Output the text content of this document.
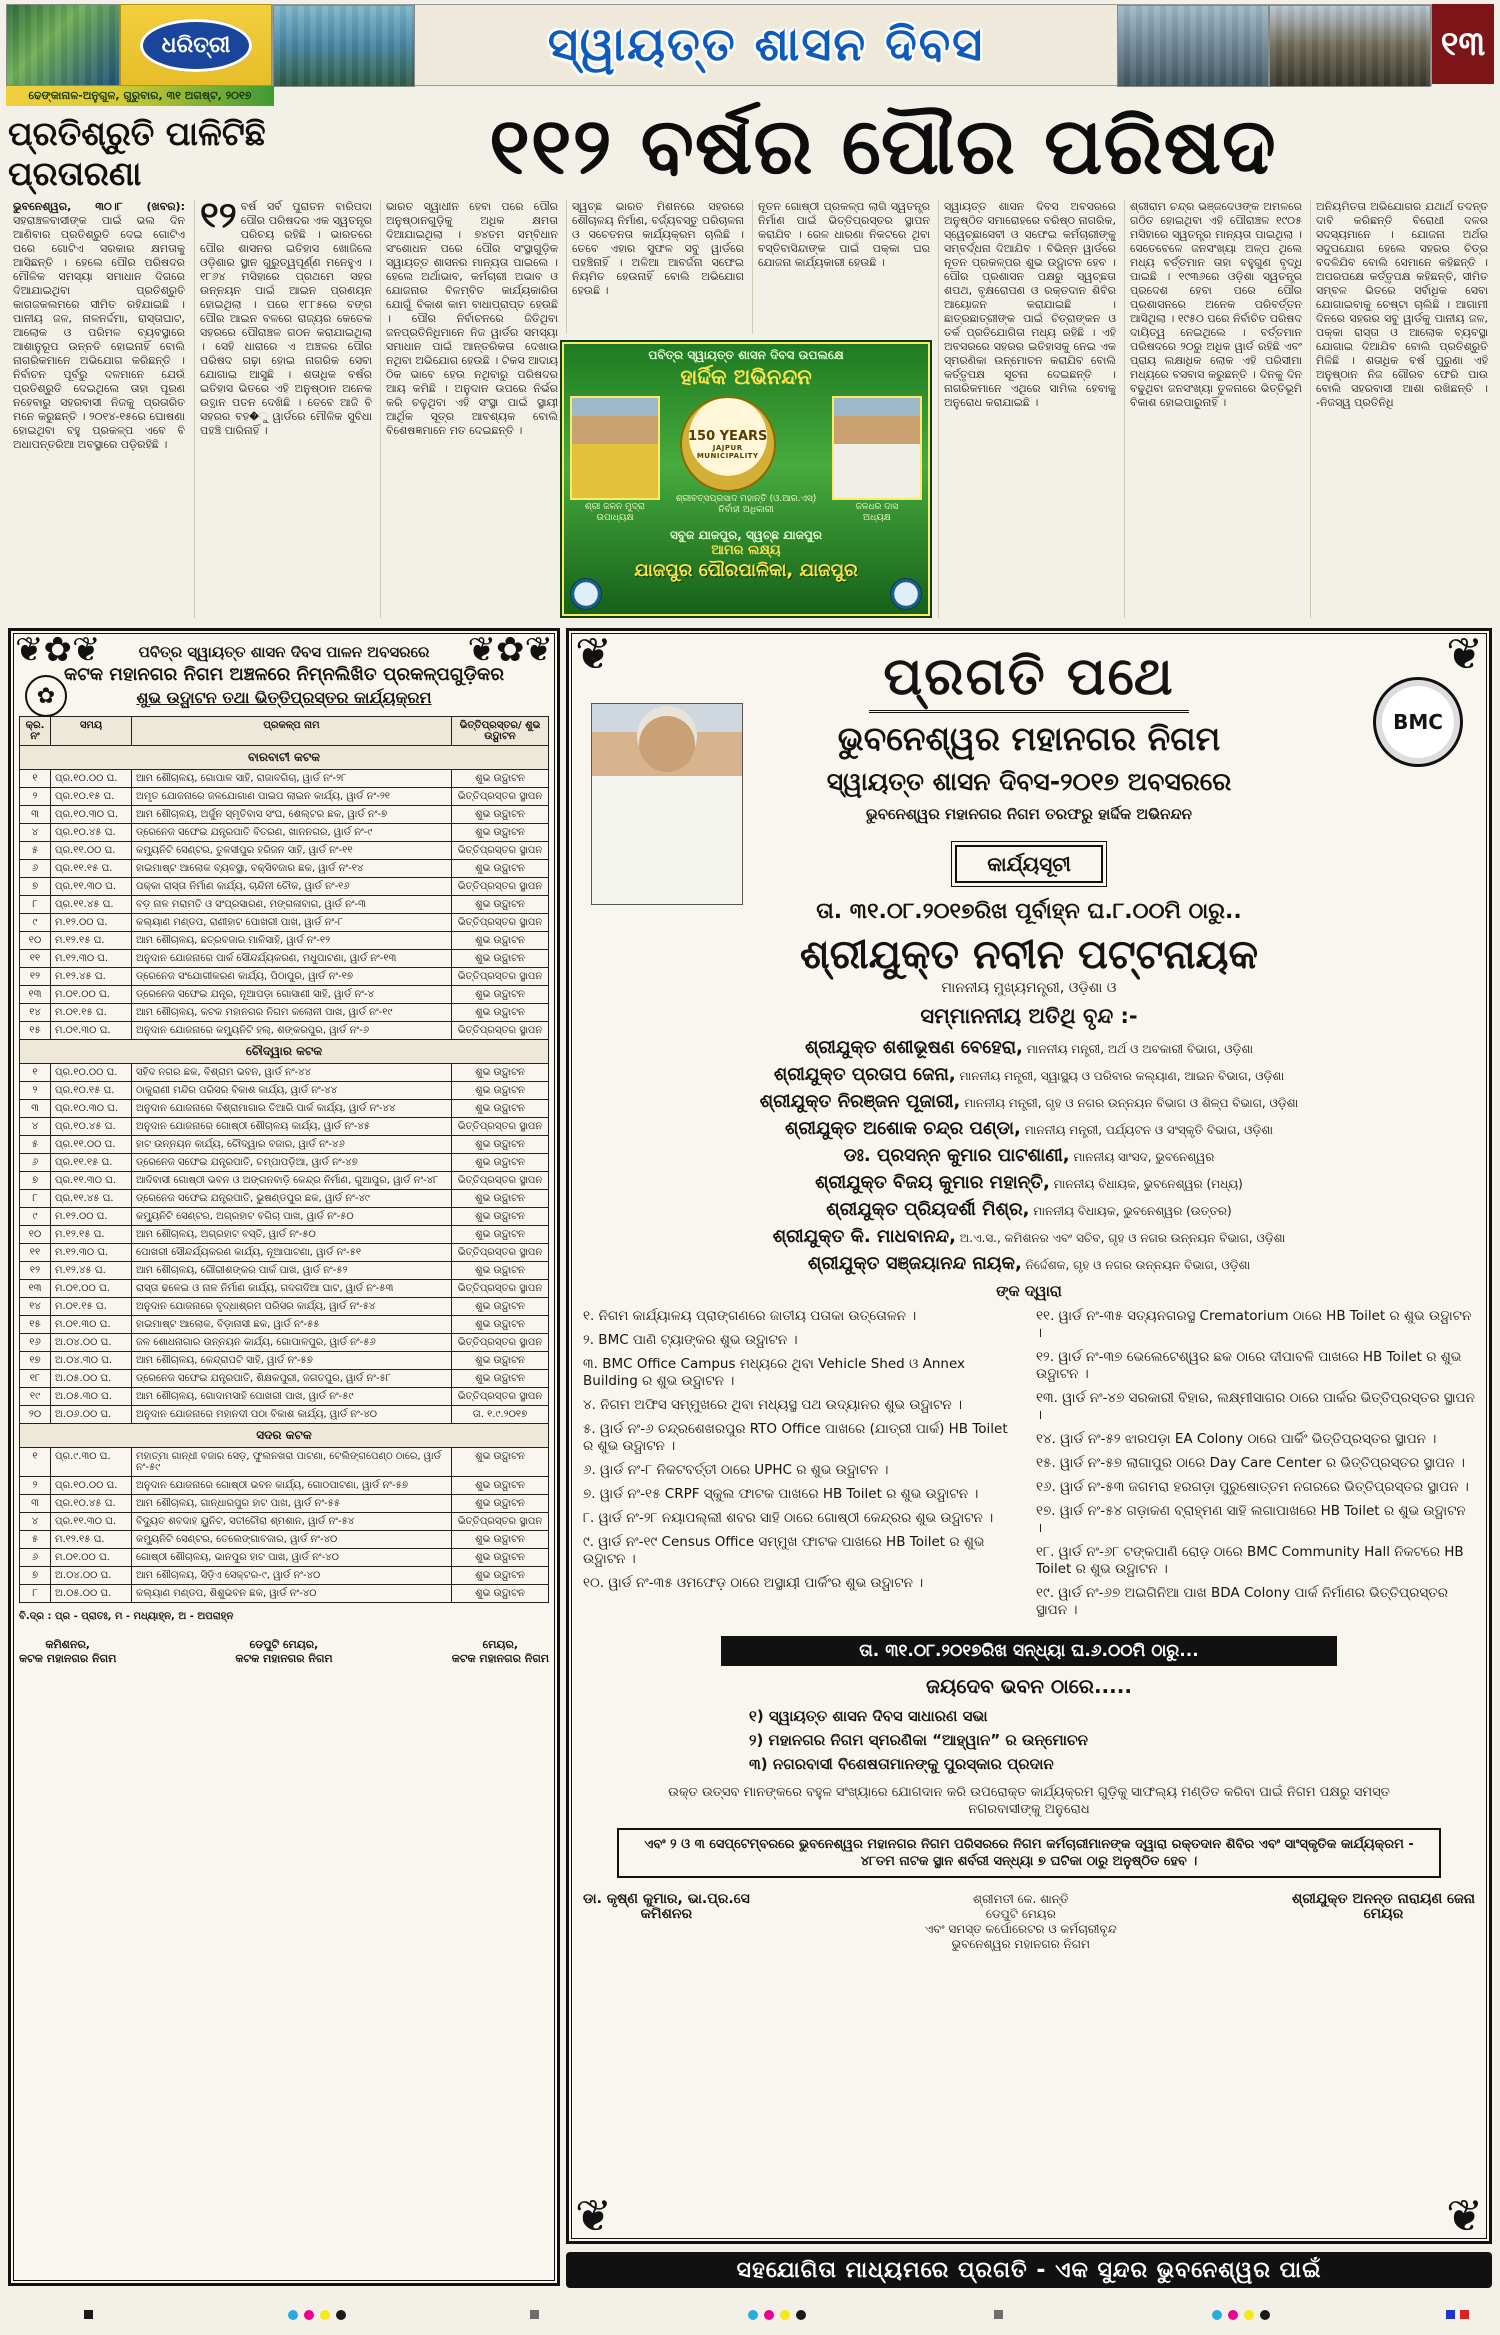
ଧରିତ୍ରୀ	ସ୍ୱାୟତ୍ତ ଶାସନ ଦିବସ	୧୩
ଢେଙ୍କାନାଳ-ଅନୁଗୁଳ, ଗୁରୁବାର, ୩୧ ଅଗଷ୍ଟ, ୨୦୧୭
ପ୍ରତିଶ୍ରୁତି ପାଳିଟିଛି
ପ୍ରତାରଣା	୧୧୨ ବର୍ଷର ପୌର ପରିଷଦ
ଭୁବନେଶ୍ୱର, ୩୦।୮ (ଖବର): ସହରାଞ୍ଚଳବାସୀଙ୍କ ପାଇଁ ଭଲ ଦିନ ଆଣିବାର ପ୍ରତିଶ୍ରୁତି ଦେଇ ଗୋଟିଏ ପରେ ଗୋଟିଏ ସରକାର କ୍ଷମତାକୁ ଆସିଛନ୍ତି । ହେଲେ ପୌର ପରିଷଦର ମୌଳିକ ସମସ୍ୟା ସମାଧାନ ଦିଗରେ ଦିଆଯାଇଥିବା ପ୍ରତିଶ୍ରୁତି କାଗଜକଲମରେ ସୀମିତ ରହିଯାଇଛି । ପାନୀୟ ଜଳ, ନାଳନର୍ଦ୍ଦମା, ରାସ୍ତାଘାଟ, ଆଲୋକ ଓ ପରିମଳ ବ୍ୟବସ୍ଥାରେ ଆଶାନୁରୂପ ଉନ୍ନତି ହୋଇନାହିଁ ବୋଲି ନାଗରିକମାନେ ଅଭିଯୋଗ କରିଛନ୍ତି । ନିର୍ବାଚନ ପୂର୍ବରୁ ଦଳମାନେ ଯେଉଁ ପ୍ରତିଶ୍ରୁତି ଦେଇଥିଲେ ତାହା ପୂରଣ ନହେବାରୁ ସହରବାସୀ ନିଜକୁ ପ୍ରତାରିତ ମନେ କରୁଛନ୍ତି । ୨୦୧୪-୧୫ରେ ଘୋଷଣା ହୋଇଥିବା ବହୁ ପ୍ରକଳ୍ପ ଏବେ ବି ଅଧାପନ୍ତରିଆ ଅବସ୍ଥାରେ ପଡ଼ିରହିଛି ।
୧୨ ବର୍ଷ ସର୍ବ ପୁରାତନ ବାରିପଦା ପୌର ପରିଷଦର ଏକ ସ୍ୱତନ୍ତ୍ର ପରିଚୟ ରହିଛି । ଭାରତରେ ପୌର ଶାସନର ଇତିହାସ ଖୋଜିଲେ ଓଡ଼ିଶାର ସ୍ଥାନ ଗୁରୁତ୍ୱପୂର୍ଣ୍ଣ ମନେହୁଏ । ୧୮୬୪ ମସିହାରେ ପ୍ରଥମେ ସହର ଉନ୍ନୟନ ପାଇଁ ଆଇନ ପ୍ରଣୟନ ହୋଇଥିଲା । ପରେ ୧୮୮୫ରେ ବଙ୍ଗ ପୌର ଆଇନ ବଳରେ ରାଜ୍ୟର କେତେକ ସହରରେ ପୌରାଞ୍ଚଳ ଗଠନ କରାଯାଇଥିଲା । ସେହି ଧାରାରେ ଏ ଅଞ୍ଚଳର ପୌର ପରିଷଦ ଗଢ଼ା ହୋଇ ନାଗରିକ ସେବା ଯୋଗାଇ ଆସୁଛି । ଶତାଧିକ ବର୍ଷର ଇତିହାସ ଭିତରେ ଏହି ଅନୁଷ୍ଠାନ ଅନେକ ଉତ୍ଥାନ ପତନ ଦେଖିଛି । ତେବେ ଆଜି ବି ସହରର ବହ�ୁ ୱାର୍ଡରେ ମୌଳିକ ସୁବିଧା ପହଞ୍ଚି ପାରିନାହିଁ ।
ଭାରତ ସ୍ୱାଧୀନ ହେବା ପରେ ପୌର ଅନୁଷ୍ଠାନଗୁଡ଼ିକୁ ଅଧିକ କ୍ଷମତା ଦିଆଯାଇଥିଲା । ୭୪ତମ ସମ୍ବିଧାନ ସଂଶୋଧନ ପରେ ପୌର ସଂସ୍ଥାଗୁଡ଼ିକ ସ୍ୱାୟତ୍ତ ଶାସନର ମାନ୍ୟତା ପାଇଲେ । ହେଲେ ଅର୍ଥାଭାବ, କର୍ମଚାରୀ ଅଭାବ ଓ ଯୋଜନାର ବିଳମ୍ବିତ କାର୍ଯ୍ୟକାରିତା ଯୋଗୁଁ ବିକାଶ କାମ ବାଧାପ୍ରାପ୍ତ ହେଉଛି । ପୌର ନିର୍ବାଚନରେ ଜିତିଥିବା ଜନପ୍ରତିନିଧିମାନେ ନିଜ ୱାର୍ଡର ସମସ୍ୟା ସମାଧାନ ପାଇଁ ଆନ୍ତରିକତା ଦେଖାଉ ନଥିବା ଅଭିଯୋଗ ହେଉଛି । ଟିକସ ଆଦାୟ ଠିକ ଭାବେ ହେଉ ନଥିବାରୁ ପରିଷଦର ଆୟ କମିଛି । ଅନୁଦାନ ଉପରେ ନିର୍ଭର କରି ଚଳୁଥିବା ଏହି ସଂସ୍ଥା ପାଇଁ ସ୍ଥାୟୀ ଆର୍ଥିକ ସୂତ୍ର ଆବଶ୍ୟକ ବୋଲି ବିଶେଷଜ୍ଞମାନେ ମତ ଦେଇଛନ୍ତି ।
ସ୍ୱଚ୍ଛ ଭାରତ ମିଶନରେ ସହରରେ ଶୌଚାଳୟ ନିର୍ମାଣ, ବର୍ଜ୍ୟବସ୍ତୁ ପରିଚାଳନା ଓ ସଚେତନତା କାର୍ଯ୍ୟକ୍ରମ ଚାଲିଛି । ତେବେ ଏହାର ସୁଫଳ ସବୁ ୱାର୍ଡରେ ପହଞ୍ଚିନାହିଁ । ଅଳିଆ ଆବର୍ଜନା ସଫେଇ ନିୟମିତ ହେଉନାହିଁ ବୋଲି ଅଭିଯୋଗ ହେଉଛି ।
ନୂତନ ଗୋଷ୍ଠୀ ପ୍ରକଳ୍ପ ଲାଗି ସ୍ୱତନ୍ତ୍ର ନିର୍ମାଣ ପାଇଁ ଭିତ୍ତିପ୍ରସ୍ତର ସ୍ଥାପନ କରାଯିବ । ରେଳ ଧାରଣା ନିକଟରେ ଥିବା ବସ୍ତିବାସିନ୍ଦାଙ୍କ ପାଇଁ ପକ୍କା ଘର ଯୋଜନା କାର୍ଯ୍ୟକାରୀ ହେଉଛି ।
ସ୍ୱାୟତ୍ତ ଶାସନ ଦିବସ ଅବସରରେ ଅନୁଷ୍ଠିତ ସମାରୋହରେ ବରିଷ୍ଠ ନାଗରିକ, ସ୍ୱେଚ୍ଛାସେବୀ ଓ ସଫେଇ କର୍ମଚାରୀଙ୍କୁ ସମ୍ବର୍ଦ୍ଧନା ଦିଆଯିବ । ବିଭିନ୍ନ ୱାର୍ଡରେ ନୂତନ ପ୍ରକଳ୍ପର ଶୁଭ ଉଦ୍ଘାଟନ ହେବ । ପୌର ପ୍ରଶାସନ ପକ୍ଷରୁ ସ୍ୱଚ୍ଛତା ଶପଥ, ବୃକ୍ଷରୋପଣ ଓ ରକ୍ତଦାନ ଶିବିର ଆୟୋଜନ କରାଯାଇଛି । ଛାତ୍ରଛାତ୍ରୀଙ୍କ ପାଇଁ ଚିତ୍ରାଙ୍କନ ଓ ତର୍କ ପ୍ରତିଯୋଗିତା ମଧ୍ୟ ରହିଛି । ଏହି ଅବସରରେ ସହରର ଇତିହାସକୁ ନେଇ ଏକ ସ୍ମରଣିକା ଉନ୍ମୋଚନ କରାଯିବ ବୋଲି କର୍ତ୍ତୃପକ୍ଷ ସୂଚନା ଦେଇଛନ୍ତି । ନାଗରିକମାନେ ଏଥିରେ ସାମିଲ ହେବାକୁ ଅନୁରୋଧ କରାଯାଇଛି ।
ଶ୍ରୀରାମ ଚନ୍ଦ୍ର ଭଞ୍ଜଦେଓଙ୍କ ଅମଳରେ ଗଠିତ ହୋଇଥିବା ଏହି ପୌରାଞ୍ଚଳ ୧୯୦୫ ମସିହାରେ ସ୍ୱତନ୍ତ୍ର ମାନ୍ୟତା ପାଇଥିଲା । ସେତେବେଳେ ଜନସଂଖ୍ୟା ଅଳ୍ପ ଥିଲେ ମଧ୍ୟ ବର୍ତ୍ତମାନ ତାହା ବହୁଗୁଣ ବୃଦ୍ଧି ପାଇଛି । ୧୯୩୬ରେ ଓଡ଼ିଶା ସ୍ୱତନ୍ତ୍ର ପ୍ରଦେଶ ହେବା ପରେ ପୌର ପ୍ରଶାସନରେ ଅନେକ ପରିବର୍ତ୍ତନ ଆସିଥିଲା । ୧୯୫୦ ପରେ ନିର୍ବାଚିତ ପରିଷଦ ଦାୟିତ୍ୱ ନେଇଥିଲେ । ବର୍ତ୍ତମାନ ପରିଷଦରେ ୨୦ରୁ ଅଧିକ ୱାର୍ଡ ରହିଛି ଏବଂ ପ୍ରାୟ ଲକ୍ଷାଧିକ ଲୋକ ଏହି ପରିସୀମା ମଧ୍ୟରେ ବସବାସ କରୁଛନ୍ତି । ଦିନକୁ ଦିନ ବଢୁଥିବା ଜନସଂଖ୍ୟା ତୁଳନାରେ ଭିତ୍ତିଭୂମି ବିକାଶ ହୋଇପାରୁନାହିଁ ।
ଅନିୟମିତତା ଅଭିଯୋଗର ଯଥାର୍ଥ ତଦନ୍ତ ଦାବି କରିଛନ୍ତି ବିରୋଧୀ ଦଳର ସଦସ୍ୟମାନେ । ଯୋଜନା ଅର୍ଥର ସଦୁପଯୋଗ ହେଲେ ସହରର ଚିତ୍ର ବଦଳିଯିବ ବୋଲି ସେମାନେ କହିଛନ୍ତି । ଅପରପକ୍ଷେ କର୍ତ୍ତୃପକ୍ଷ କହିଛନ୍ତି, ସୀମିତ ସମ୍ବଳ ଭିତରେ ସର୍ବାଧିକ ସେବା ଯୋଗାଇବାକୁ ଚେଷ୍ଟା ଚାଲିଛି । ଆଗାମୀ ଦିନରେ ସହରର ସବୁ ୱାର୍ଡକୁ ପାନୀୟ ଜଳ, ପକ୍କା ରାସ୍ତା ଓ ଆଲୋକ ବ୍ୟବସ୍ଥା ଯୋଗାଇ ଦିଆଯିବ ବୋଲି ପ୍ରତିଶ୍ରୁତି ମିଳିଛି । ଶତାଧିକ ବର୍ଷ ପୁରୁଣା ଏହି ଅନୁଷ୍ଠାନ ନିଜ ଗୌରବ ଫେରି ପାଉ ବୋଲି ସହରବାସୀ ଆଶା ରଖିଛନ୍ତି । -ନିଜସ୍ୱ ପ୍ରତିନିଧି
ପବିତ୍ର ସ୍ୱାୟତ୍ତ ଶାସନ ଦିବସ ଉପଲକ୍ଷେ
ହାର୍ଦ୍ଦିକ ଅଭିନନ୍ଦନ
ଶ୍ରୀ ଜଳନ ମୁଦ୍ରା
ଉପାଧ୍ୟକ୍ଷ
150 YEARS
JAJPUR MUNICIPALITY
ଶ୍ରୀବତ୍ସପ୍ରସାଦ ମହାନ୍ତି (ଓ.ଆର.ଏସ୍)
ନିର୍ବାହୀ ଅଧିକାରୀ	ଜଳଧର ଦାସ
ଅଧ୍ୟକ୍ଷ
ସବୁଜ ଯାଜପୁର, ସ୍ୱଚ୍ଛ ଯାଜପୁର
ଆମର ଲକ୍ଷ୍ୟ
ଯାଜପୁର ପୌରପାଳିକା, ଯାଜପୁର
❦✿❦	❦✿❦
✿
ପବିତ୍ର ସ୍ୱାୟତ୍ତ ଶାସନ ଦିବସ ପାଳନ ଅବସରରେ
କଟକ ମହାନଗର ନିଗମ ଅଞ୍ଚଳରେ ନିମ୍ନଲିଖିତ ପ୍ରକଳ୍ପଗୁଡ଼ିକର
ଶୁଭ ଉଦ୍ଘାଟନ ତଥା ଭିତ୍ତିପ୍ରସ୍ତର କାର୍ଯ୍ୟକ୍ରମ
କ୍ର. ନଂ	ସମୟ	ପ୍ରକଳ୍ପ ନାମ	ଭିତ୍ତିପ୍ରସ୍ତର/ ଶୁଭ ଉଦ୍ଘାଟନ
ବାରବାଟୀ କଟକ			
୧	ପ୍ର.୧୦.୦୦ ଘ.	ଆମ ଶୌଚାଳୟ, ଗୋପାଳ ସାହି, ରାଜାବଗିଚା, ୱାର୍ଡ ନଂ-୨୮	ଶୁଭ ଉଦ୍ଘାଟନ
୨	ପ୍ର.୧୦.୧୫ ଘ.	ଅମୃତ ଯୋଜନାରେ ଜଳଯୋଗାଣ ପାଇପ ଲାଇନ କାର୍ଯ୍ୟ, ୱାର୍ଡ ନଂ-୨୧	ଭିତ୍ତିପ୍ରସ୍ତର ସ୍ଥାପନ
୩	ପ୍ର.୧୦.୩୦ ଘ.	ଆମ ଶୌଚାଳୟ, ଅର୍ଜୁନ ସ୍ମୃତିବାସ ସଂଘ, ଶେଲ୍ଟର ଛକ, ୱାର୍ଡ ନଂ-୭	ଶୁଭ ଉଦ୍ଘାଟନ
୪	ପ୍ର.୧୦.୪୫ ଘ.	ଡ୍ରେନେଜ ସଫେଇ ଯନ୍ତ୍ରପାତି ବିତରଣ, ଖାନନଗର, ୱାର୍ଡ ନଂ-୯	ଶୁଭ ଉଦ୍ଘାଟନ
୫	ପ୍ର.୧୧.୦୦ ଘ.	କମ୍ୟୁନିଟି ସେଣ୍ଟର, ତୁଳସୀପୁର ହରିଜନ ସାହି, ୱାର୍ଡ ନଂ-୧୧	ଭିତ୍ତିପ୍ରସ୍ତର ସ୍ଥାପନ
୬	ପ୍ର.୧୧.୧୫ ଘ.	ହାଇମାଷ୍ଟ ଆଲୋକ ବ୍ୟବସ୍ଥା, ବକ୍ସିବଜାର ଛକ, ୱାର୍ଡ ନଂ-୧୪	ଶୁଭ ଉଦ୍ଘାଟନ
୭	ପ୍ର.୧୧.୩୦ ଘ.	ପକ୍କା ରାସ୍ତା ନିର୍ମାଣ କାର୍ଯ୍ୟ, ଚାନ୍ଦିନୀ ଚୌକ, ୱାର୍ଡ ନଂ-୧୬	ଭିତ୍ତିପ୍ରସ୍ତର ସ୍ଥାପନ
୮	ପ୍ର.୧୧.୪୫ ଘ.	ବଡ଼ ନାଳ ମରାମତି ଓ ସଂପ୍ରସାରଣ, ମଙ୍ଗଳାବାଗ, ୱାର୍ଡ ନଂ-୩	ଶୁଭ ଉଦ୍ଘାଟନ
୯	ମ.୧୨.୦୦ ଘ.	କଲ୍ୟାଣ ମଣ୍ଡପ, ରାଣୀହାଟ ପୋଖରୀ ପାଖ, ୱାର୍ଡ ନଂ-୮	ଭିତ୍ତିପ୍ରସ୍ତର ସ୍ଥାପନ
୧୦	ମ.୧୨.୧୫ ଘ.	ଆମ ଶୌଚାଳୟ, ଛତ୍ରବଜାର ମାଳିସାହି, ୱାର୍ଡ ନଂ-୧୨	ଶୁଭ ଉଦ୍ଘାଟନ
୧୧	ମ.୧୨.୩୦ ଘ.	ଅନୁଦାନ ଯୋଜନାରେ ପାର୍କ ସୌନ୍ଦର୍ଯ୍ୟକରଣ, ମଧୁପାଟଣା, ୱାର୍ଡ ନଂ-୧୩	ଶୁଭ ଉଦ୍ଘାଟନ
୧୨	ମ.୧୨.୪୫ ଘ.	ଡ୍ରେନେଜ ସଂଯୋଗୀକରଣ କାର୍ଯ୍ୟ, ପିଠାପୁର, ୱାର୍ଡ ନଂ-୧୭	ଭିତ୍ତିପ୍ରସ୍ତର ସ୍ଥାପନ
୧୩	ମ.୦୧.୦୦ ଘ.	ଡ୍ରେନେଜ ସଫେଇ ଯନ୍ତ୍ର, ନୂଆପଡ଼ା ଗୋସାଣୀ ସାହି, ୱାର୍ଡ ନଂ-୪	ଶୁଭ ଉଦ୍ଘାଟନ
୧୪	ମ.୦୧.୧୫ ଘ.	ଆମ ଶୌଚାଳୟ, କଟକ ମହାନଗର ନିଗମ କଲୋନୀ ପାଖ, ୱାର୍ଡ ନଂ-୧୯	ଶୁଭ ଉଦ୍ଘାଟନ
୧୫	ମ.୦୧.୩୦ ଘ.	ଅନୁଦାନ ଯୋଜନାରେ କମ୍ୟୁନିଟି ହଲ୍, ଶଙ୍କରପୁର, ୱାର୍ଡ ନଂ-୬	ଭିତ୍ତିପ୍ରସ୍ତର ସ୍ଥାପନ
ଚୌଦ୍ୱାର କଟକ			
୧	ପ୍ର.୧୦.୦୦ ଘ.	ସହିଦ ନଗର ଛକ, ବିଶ୍ରାମ ଭବନ, ୱାର୍ଡ ନଂ-୪୪	ଶୁଭ ଉଦ୍ଘାଟନ
୨	ପ୍ର.୧୦.୧୫ ଘ.	ଠାକୁରାଣୀ ମନ୍ଦିର ପରିସର ବିକାଶ କାର୍ଯ୍ୟ, ୱାର୍ଡ ନଂ-୪୪	ଶୁଭ ଉଦ୍ଘାଟନ
୩	ପ୍ର.୧୦.୩୦ ଘ.	ଅନୁଦାନ ଯୋଜନାରେ ବିଶ୍ରାମାଗାର ତିଆରି ପାର୍କ କାର୍ଯ୍ୟ, ୱାର୍ଡ ନଂ-୪୪	ଶୁଭ ଉଦ୍ଘାଟନ
୪	ପ୍ର.୧୦.୪୫ ଘ.	ଅନୁଦାନ ଯୋଜନାରେ ଗୋଷ୍ଠୀ ଶୌଚାଳୟ କାର୍ଯ୍ୟ, ୱାର୍ଡ ନଂ-୪୫	ଭିତ୍ତିପ୍ରସ୍ତର ସ୍ଥାପନ
୫	ପ୍ର.୧୧.୦୦ ଘ.	ହାଟ ଉନ୍ନୟନ କାର୍ଯ୍ୟ, ଚୌଦ୍ୱାର ବଜାର, ୱାର୍ଡ ନଂ-୪୬	ଶୁଭ ଉଦ୍ଘାଟନ
୬	ପ୍ର.୧୧.୧୫ ଘ.	ଡ୍ରେନେଜ ସଫେଇ ଯନ୍ତ୍ରପାତି, ଚମ୍ପାପଡ଼ିଆ, ୱାର୍ଡ ନଂ-୪୭	ଶୁଭ ଉଦ୍ଘାଟନ
୭	ପ୍ର.୧୧.୩୦ ଘ.	ଆଦିବାସୀ ଗୋଷ୍ଠୀ ଭବନ ଓ ଅଙ୍ଗନବାଡ଼ି କେନ୍ଦ୍ର ନିର୍ମାଣ, ଗୁଆପୁର, ୱାର୍ଡ ନଂ-୪୮	ଭିତ୍ତିପ୍ରସ୍ତର ସ୍ଥାପନ
୮	ପ୍ର.୧୧.୪୫ ଘ.	ଡ୍ରେନେଜ ସଫେଇ ଯନ୍ତ୍ରପାତି, ଭୁଷଣ୍ଡପୁର ଛକ, ୱାର୍ଡ ନଂ-୪୯	ଶୁଭ ଉଦ୍ଘାଟନ
୯	ମ.୧୨.୦୦ ଘ.	କମ୍ୟୁନିଟି ସେଣ୍ଟର, ଅଗ୍ରହାଟ ବଗିଚା ପାଖ, ୱାର୍ଡ ନଂ-୫୦	ଶୁଭ ଉଦ୍ଘାଟନ
୧୦	ମ.୧୨.୧୫ ଘ.	ଆମ ଶୌଚାଳୟ, ଅଗ୍ରହାଟ ବସ୍ତି, ୱାର୍ଡ ନଂ-୫୦	ଶୁଭ ଉଦ୍ଘାଟନ
୧୧	ମ.୧୨.୩୦ ଘ.	ପୋଖରୀ ସୌନ୍ଦର୍ଯ୍ୟକରଣ କାର୍ଯ୍ୟ, ନୂଆପାଟଣା, ୱାର୍ଡ ନଂ-୫୧	ଭିତ୍ତିପ୍ରସ୍ତର ସ୍ଥାପନ
୧୨	ମ.୧୨.୪୫ ଘ.	ଆମ ଶୌଚାଳୟ, ଗୌରୀଶଙ୍କର ପାର୍କ ପାଖ, ୱାର୍ଡ ନଂ-୫୨	ଶୁଭ ଉଦ୍ଘାଟନ
୧୩	ମ.୦୧.୦୦ ଘ.	ରାସ୍ତା ଢଳେଇ ଓ ନାଳ ନିର୍ମାଣ କାର୍ଯ୍ୟ, ଗଦଗଦିଆ ଘାଟ, ୱାର୍ଡ ନଂ-୫୩	ଭିତ୍ତିପ୍ରସ୍ତର ସ୍ଥାପନ
୧୪	ମ.୦୧.୧୫ ଘ.	ଅନୁଦାନ ଯୋଜନାରେ ବୃଦ୍ଧାଶ୍ରମ ପରିସର କାର୍ଯ୍ୟ, ୱାର୍ଡ ନଂ-୫୪	ଶୁଭ ଉଦ୍ଘାଟନ
୧୫	ମ.୦୧.୩୦ ଘ.	ହାଇମାଷ୍ଟ ଆଲୋକ, ବିଡ଼ାନାସୀ ଛକ, ୱାର୍ଡ ନଂ-୫୫	ଶୁଭ ଉଦ୍ଘାଟନ
୧୬	ଅ.୦୪.୦୦ ଘ.	ଜଳ ଶୋଧନାଗାର ଉନ୍ନୟନ କାର୍ଯ୍ୟ, ଗୋପାଳପୁର, ୱାର୍ଡ ନଂ-୫୬	ଭିତ୍ତିପ୍ରସ୍ତର ସ୍ଥାପନ
୧୭	ଅ.୦୪.୩୦ ଘ.	ଆମ ଶୌଚାଳୟ, କେନ୍ଦ୍ରାପଟି ସାହି, ୱାର୍ଡ ନଂ-୫୭	ଶୁଭ ଉଦ୍ଘାଟନ
୧୮	ଅ.୦୫.୦୦ ଘ.	ଡ୍ରେନେଜ ସଫେଇ ଯନ୍ତ୍ରପାତି, ଶିକ୍ଷକପୁରୀ, ଜଗତପୁର, ୱାର୍ଡ ନଂ-୫୮	ଶୁଭ ଉଦ୍ଘାଟନ
୧୯	ଅ.୦୫.୩୦ ଘ.	ଆମ ଶୌଚାଳୟ, ଗୋଦାମସାହି ପୋଖରୀ ପାଖ, ୱାର୍ଡ ନଂ-୫୯	ଭିତ୍ତିପ୍ରସ୍ତର ସ୍ଥାପନ
୨୦	ଅ.୦୬.୦୦ ଘ.	ଅନୁଦାନ ଯୋଜନାରେ ମହାନଦୀ ପଠା ବିକାଶ କାର୍ଯ୍ୟ, ୱାର୍ଡ ନଂ-୪୦	ତା. ୧.୯.୨୦୧୭
ସଦର କଟକ			
୧	ପ୍ର.୯.୩୦ ଘ.	ମହାତ୍ମା ଗାନ୍ଧୀ ବଜାର ସେଡ଼, ଫୁଲନଖରା ପାଟଣା, ଟେଲିଙ୍ଗପେଣ୍ଠ ଠାରେ, ୱାର୍ଡ ନଂ-୫୯	ଶୁଭ ଉଦ୍ଘାଟନ
୨	ପ୍ର.୧୦.୦୦ ଘ.	ଅନୁଦାନ ଯୋଜନାରେ ଗୋଷ୍ଠୀ ଭବନ କାର୍ଯ୍ୟ, ଗୋଠପାଟଣା, ୱାର୍ଡ ନଂ-୫୭	ଶୁଭ ଉଦ୍ଘାଟନ
୩	ପ୍ର.୧୦.୪୫ ଘ.	ଆମ ଶୌଚାଳୟ, ଗାନ୍ଧାରପୁର ହାଟ ପାଖ, ୱାର୍ଡ ନଂ-୫୫	ଶୁଭ ଉଦ୍ଘାଟନ
୪	ପ୍ର.୧୧.୩୦ ଘ.	ବିଦ୍ୟୁତ ଶବଦାହ ୟୁନିଟ, ସତୀଚୌରା ଶ୍ମଶାନ, ୱାର୍ଡ ନଂ-୫୪	ଭିତ୍ତିପ୍ରସ୍ତର ସ୍ଥାପନ
୫	ମ.୧୨.୧୫ ଘ.	କମ୍ୟୁନିଟି ସେଣ୍ଟର, ତେଲେଙ୍ଗାବଜାର, ୱାର୍ଡ ନଂ-୪୦	ଶୁଭ ଉଦ୍ଘାଟନ
୬	ମ.୦୧.୦୦ ଘ.	ଗୋଷ୍ଠୀ ଶୌଚାଳୟ, ଭାନପୁର ହାଟ ପାଖ, ୱାର୍ଡ ନଂ-୪୦	ଶୁଭ ଉଦ୍ଘାଟନ
୭	ଅ.୦୪.୦୦ ଘ.	ଆମ ଶୌଚାଳୟ, ସିଡ଼ିଏ ସେକ୍ଟର-୯, ୱାର୍ଡ ନଂ-୪୦	ଶୁଭ ଉଦ୍ଘାଟନ
୮	ଅ.୦୫.୦୦ ଘ.	କଲ୍ୟାଣ ମଣ୍ଡପ, ଶିଶୁଭବନ ଛକ, ୱାର୍ଡ ନଂ-୪୦	ଶୁଭ ଉଦ୍ଘାଟନ
ବି.ଦ୍ର : ପ୍ର - ପ୍ରାତଃ, ମ - ମଧ୍ୟାହ୍ନ, ଅ - ଅପରାହ୍ନ
କମିଶନର,
କଟକ ମହାନଗର ନିଗମ
ଡେପୁଟି ମେୟର,
କଟକ ମହାନଗର ନିଗମ
ମେୟର,
କଟକ ମହାନଗର ନିଗମ
❦	❦
❦	❦
BMC
ପ୍ରଗତି ପଥେ
ଭୁବନେଶ୍ୱର ମହାନଗର ନିଗମ
ସ୍ୱାୟତ୍ତ ଶାସନ ଦିବସ-୨୦୧୭ ଅବସରରେ
ଭୁବନେଶ୍ୱର ମହାନଗର ନିଗମ ତରଫରୁ ହାର୍ଦ୍ଦିକ ଅଭିନନ୍ଦନ
କାର୍ଯ୍ୟସୂଚୀ
ତା. ୩୧.୦୮.୨୦୧୭ରିଖ ପୂର୍ବାହ୍ନ ଘ.୮.୦୦ମି ଠାରୁ..
ଶ୍ରୀଯୁକ୍ତ ନବୀନ ପଟ୍ଟନାୟକ
ମାନନୀୟ ମୁଖ୍ୟମନ୍ତ୍ରୀ, ଓଡ଼ିଶା ଓ
ସମ୍ମାନନୀୟ ଅତିଥି ବୃନ୍ଦ :-
ଶ୍ରୀଯୁକ୍ତ ଶଶୀଭୂଷଣ ବେହେରା, ମାନନୀୟ ମନ୍ତ୍ରୀ, ଅର୍ଥ ଓ ଅବକାରୀ ବିଭାଗ, ଓଡ଼ିଶା
ଶ୍ରୀଯୁକ୍ତ ପ୍ରତାପ ଜେନା, ମାନନୀୟ ମନ୍ତ୍ରୀ, ସ୍ୱାସ୍ଥ୍ୟ ଓ ପରିବାର କଲ୍ୟାଣ, ଆଇନ ବିଭାଗ, ଓଡ଼ିଶା
ଶ୍ରୀଯୁକ୍ତ ନିରଞ୍ଜନ ପୂଜାରୀ, ମାନନୀୟ ମନ୍ତ୍ରୀ, ଗୃହ ଓ ନଗର ଉନ୍ନୟନ ବିଭାଗ ଓ ଶିଳ୍ପ ବିଭାଗ, ଓଡ଼ିଶା
ଶ୍ରୀଯୁକ୍ତ ଅଶୋକ ଚନ୍ଦ୍ର ପଣ୍ଡା, ମାନନୀୟ ମନ୍ତ୍ରୀ, ପର୍ଯ୍ୟଟନ ଓ ସଂସ୍କୃତି ବିଭାଗ, ଓଡ଼ିଶା
ଡଃ. ପ୍ରସନ୍ନ କୁମାର ପାଟଶାଣୀ, ମାନନୀୟ ସାଂସଦ, ଭୁବନେଶ୍ୱର
ଶ୍ରୀଯୁକ୍ତ ବିଜୟ କୁମାର ମହାନ୍ତି, ମାନନୀୟ ବିଧାୟକ, ଭୁବନେଶ୍ୱର (ମଧ୍ୟ)
ଶ୍ରୀଯୁକ୍ତ ପ୍ରିୟଦର୍ଶୀ ମିଶ୍ର, ମାନନୀୟ ବିଧାୟକ, ଭୁବନେଶ୍ୱର (ଉତ୍ତର)
ଶ୍ରୀଯୁକ୍ତ କି. ମାଧବାନନ୍ଦ, ଅ.ଏ.ସ., କମିଶନର ଏବଂ ସଚିବ, ଗୃହ ଓ ନଗର ଉନ୍ନୟନ ବିଭାଗ, ଓଡ଼ିଶା
ଶ୍ରୀଯୁକ୍ତ ସଞ୍ଜୟାନନ୍ଦ ନାୟକ, ନିର୍ଦ୍ଦେଶକ, ଗୃହ ଓ ନଗର ଉନ୍ନୟନ ବିଭାଗ, ଓଡ଼ିଶା
ଙ୍କ ଦ୍ୱାରା
୧. ନିଗମ କାର୍ଯ୍ୟାଳୟ ପ୍ରାଙ୍ଗଣରେ ଜାତୀୟ ପତାକା ଉତ୍ତୋଳନ ।
୨. BMC ପାଣି ଟ୍ୟାଙ୍କର ଶୁଭ ଉଦ୍ଘାଟନ ।
୩. BMC Office Campus ମଧ୍ୟରେ ଥିବା Vehicle Shed ଓ Annex Building ର ଶୁଭ ଉଦ୍ଘାଟନ ।
୪. ନିଗମ ଅଫିସ ସମ୍ମୁଖରେ ଥିବା ମଧ୍ୟସ୍ଥ ପଥ ଉଦ୍ୟାନର ଶୁଭ ଉଦ୍ଘାଟନ ।
୫. ୱାର୍ଡ ନଂ-୬ ଚନ୍ଦ୍ରଶେଖରପୁର RTO Office ପାଖରେ (ଯାତ୍ରୀ ପାର୍କ) HB Toilet ର ଶୁଭ ଉଦ୍ଘାଟନ ।
୬. ୱାର୍ଡ ନଂ-୮ ନିକଟବର୍ତ୍ତୀ ଠାରେ UPHC ର ଶୁଭ ଉଦ୍ଘାଟନ ।
୭. ୱାର୍ଡ ନଂ-୧୫ CRPF ସ୍କୁଲ ଫାଟକ ପାଖରେ HB Toilet ର ଶୁଭ ଉଦ୍ଘାଟନ ।
୮. ୱାର୍ଡ ନଂ-୨୮ ନୟାପଲ୍ଲୀ ଶବର ସାହି ଠାରେ ଗୋଷ୍ଠୀ କେନ୍ଦ୍ରର ଶୁଭ ଉଦ୍ଘାଟନ ।
୯. ୱାର୍ଡ ନଂ-୧୯ Census Office ସମ୍ମୁଖ ଫାଟକ ପାଖରେ HB Toilet ର ଶୁଭ ଉଦ୍ଘାଟନ ।
୧୦. ୱାର୍ଡ ନଂ-୩୫ ଓମଫେଡ଼ ଠାରେ ଅସ୍ଥାୟୀ ପାର୍କିଂର ଶୁଭ ଉଦ୍ଘାଟନ ।
୧୧. ୱାର୍ଡ ନଂ-୩୫ ସତ୍ୟନଗରସ୍ଥ Crematorium ଠାରେ HB Toilet ର ଶୁଭ ଉଦ୍ଘାଟନ ।
୧୨. ୱାର୍ଡ ନଂ-୩୭ ଭେଲେଟେଶ୍ୱର ଛକ ଠାରେ ଦୀପାବଳି ପାଖରେ HB Toilet ର ଶୁଭ ଉଦ୍ଘାଟନ ।
୧୩. ୱାର୍ଡ ନଂ-୪୭ ସରକାରୀ ବିହାର, ଲକ୍ଷ୍ମୀସାଗର ଠାରେ ପାର୍କର ଭିତ୍ତିପ୍ରସ୍ତର ସ୍ଥାପନ ।
୧୪. ୱାର୍ଡ ନଂ-୫୨ ଝାରପଡ଼ା EA Colony ଠାରେ ପାର୍କିଂ ଭିତ୍ତିପ୍ରସ୍ତର ସ୍ଥାପନ ।
୧୫. ୱାର୍ଡ ନଂ-୫୭ ଲାଗାପୁର ଠାରେ Day Care Center ର ଭିତ୍ତିପ୍ରସ୍ତର ସ୍ଥାପନ ।
୧୬. ୱାର୍ଡ ନଂ-୫୩ ଜଗମରା ହରଗଡ଼ା ପୁରୁଷୋତ୍ତମ ନଗରରେ ଭିତ୍ତିପ୍ରସ୍ତର ସ୍ଥାପନ ।
୧୭. ୱାର୍ଡ ନଂ-୫୪ ଗଡ଼ାକଣ ବ୍ରାହ୍ମଣ ସାହି ଲଗାପାଖରେ HB Toilet ର ଶୁଭ ଉଦ୍ଘାଟନ ।
୧୮. ୱାର୍ଡ ନଂ-୬୮ ଟଙ୍କପାଣି ରୋଡ଼ ଠାରେ BMC Community Hall ନିକଟରେ HB Toilet ର ଶୁଭ ଉଦ୍ଘାଟନ ।
୧୯. ୱାର୍ଡ ନଂ-୬୭ ଅଇଗିନିଆ ପାଖ BDA Colony ପାର୍କ ନିର୍ମାଣର ଭିତ୍ତିପ୍ରସ୍ତର ସ୍ଥାପନ ।
ତା. ୩୧.୦୮.୨୦୧୭ରିଖ ସନ୍ଧ୍ୟା ଘ.୬.୦୦ମି ଠାରୁ...
ଜୟଦେବ ଭବନ ଠାରେ.....
୧) ସ୍ୱାୟତ୍ତ ଶାସନ ଦିବସ ସାଧାରଣ ସଭା
୨) ମହାନଗର ନିଗମ ସ୍ମରଣିକା “ଆହ୍ୱାନ” ର ଉନ୍ମୋଚନ
୩) ନଗରବାସୀ ବିଶେଷତାମାନଙ୍କୁ ପୁରସ୍କାର ପ୍ରଦାନ
ଉକ୍ତ ଉତ୍ସବ ମାନଙ୍କରେ ବହୁଳ ସଂଖ୍ୟାରେ ଯୋଗଦାନ କରି ଉପରୋକ୍ତ କାର୍ଯ୍ୟକ୍ରମ ଗୁଡ଼ିକୁ ସାଫଲ୍ୟ ମଣ୍ଡିତ କରିବା ପାଇଁ ନିଗମ ପକ୍ଷରୁ ସମସ୍ତ ନଗରବାସୀଙ୍କୁ ଅନୁରୋଧ
ଏବଂ ୨ ଓ ୩ ସେପ୍ଟେମ୍ବରରେ ଭୁବନେଶ୍ୱର ମହାନଗର ନିଗମ ପରିସରରେ ନିଗମ କର୍ମଚାରୀମାନଙ୍କ ଦ୍ୱାରା ରକ୍ତଦାନ ଶିବିର ଏବଂ ସାଂସ୍କୃତିକ କାର୍ଯ୍ୟକ୍ରମ - ୪୮ତମ ନାଟକ ସ୍ଥାନ ଶର୍ବରୀ ସନ୍ଧ୍ୟା ୭ ଘଟିକା ଠାରୁ ଅନୁଷ୍ଠିତ ହେବ ।
ଡା. କୃଷ୍ଣ କୁମାର, ଭା.ପ୍ର.ସେ
କମିଶନର
ଶ୍ରୀମତୀ କେ. ଶାନ୍ତି
ଡେପୁଟି ମେୟର
ଏବଂ ସମସ୍ତ କର୍ପୋରେଟର ଓ କର୍ମଚାରୀବୃନ୍ଦ
ଭୁବନେଶ୍ୱର ମହାନଗର ନିଗମ
ଶ୍ରୀଯୁକ୍ତ ଅନନ୍ତ ନାରାୟଣ ଜେନା
ମେୟର
ସହଯୋଗିତା ମାଧ୍ୟମରେ ପ୍ରଗତି - ଏକ ସୁନ୍ଦର ଭୁବନେଶ୍ୱର ପାଇଁ
